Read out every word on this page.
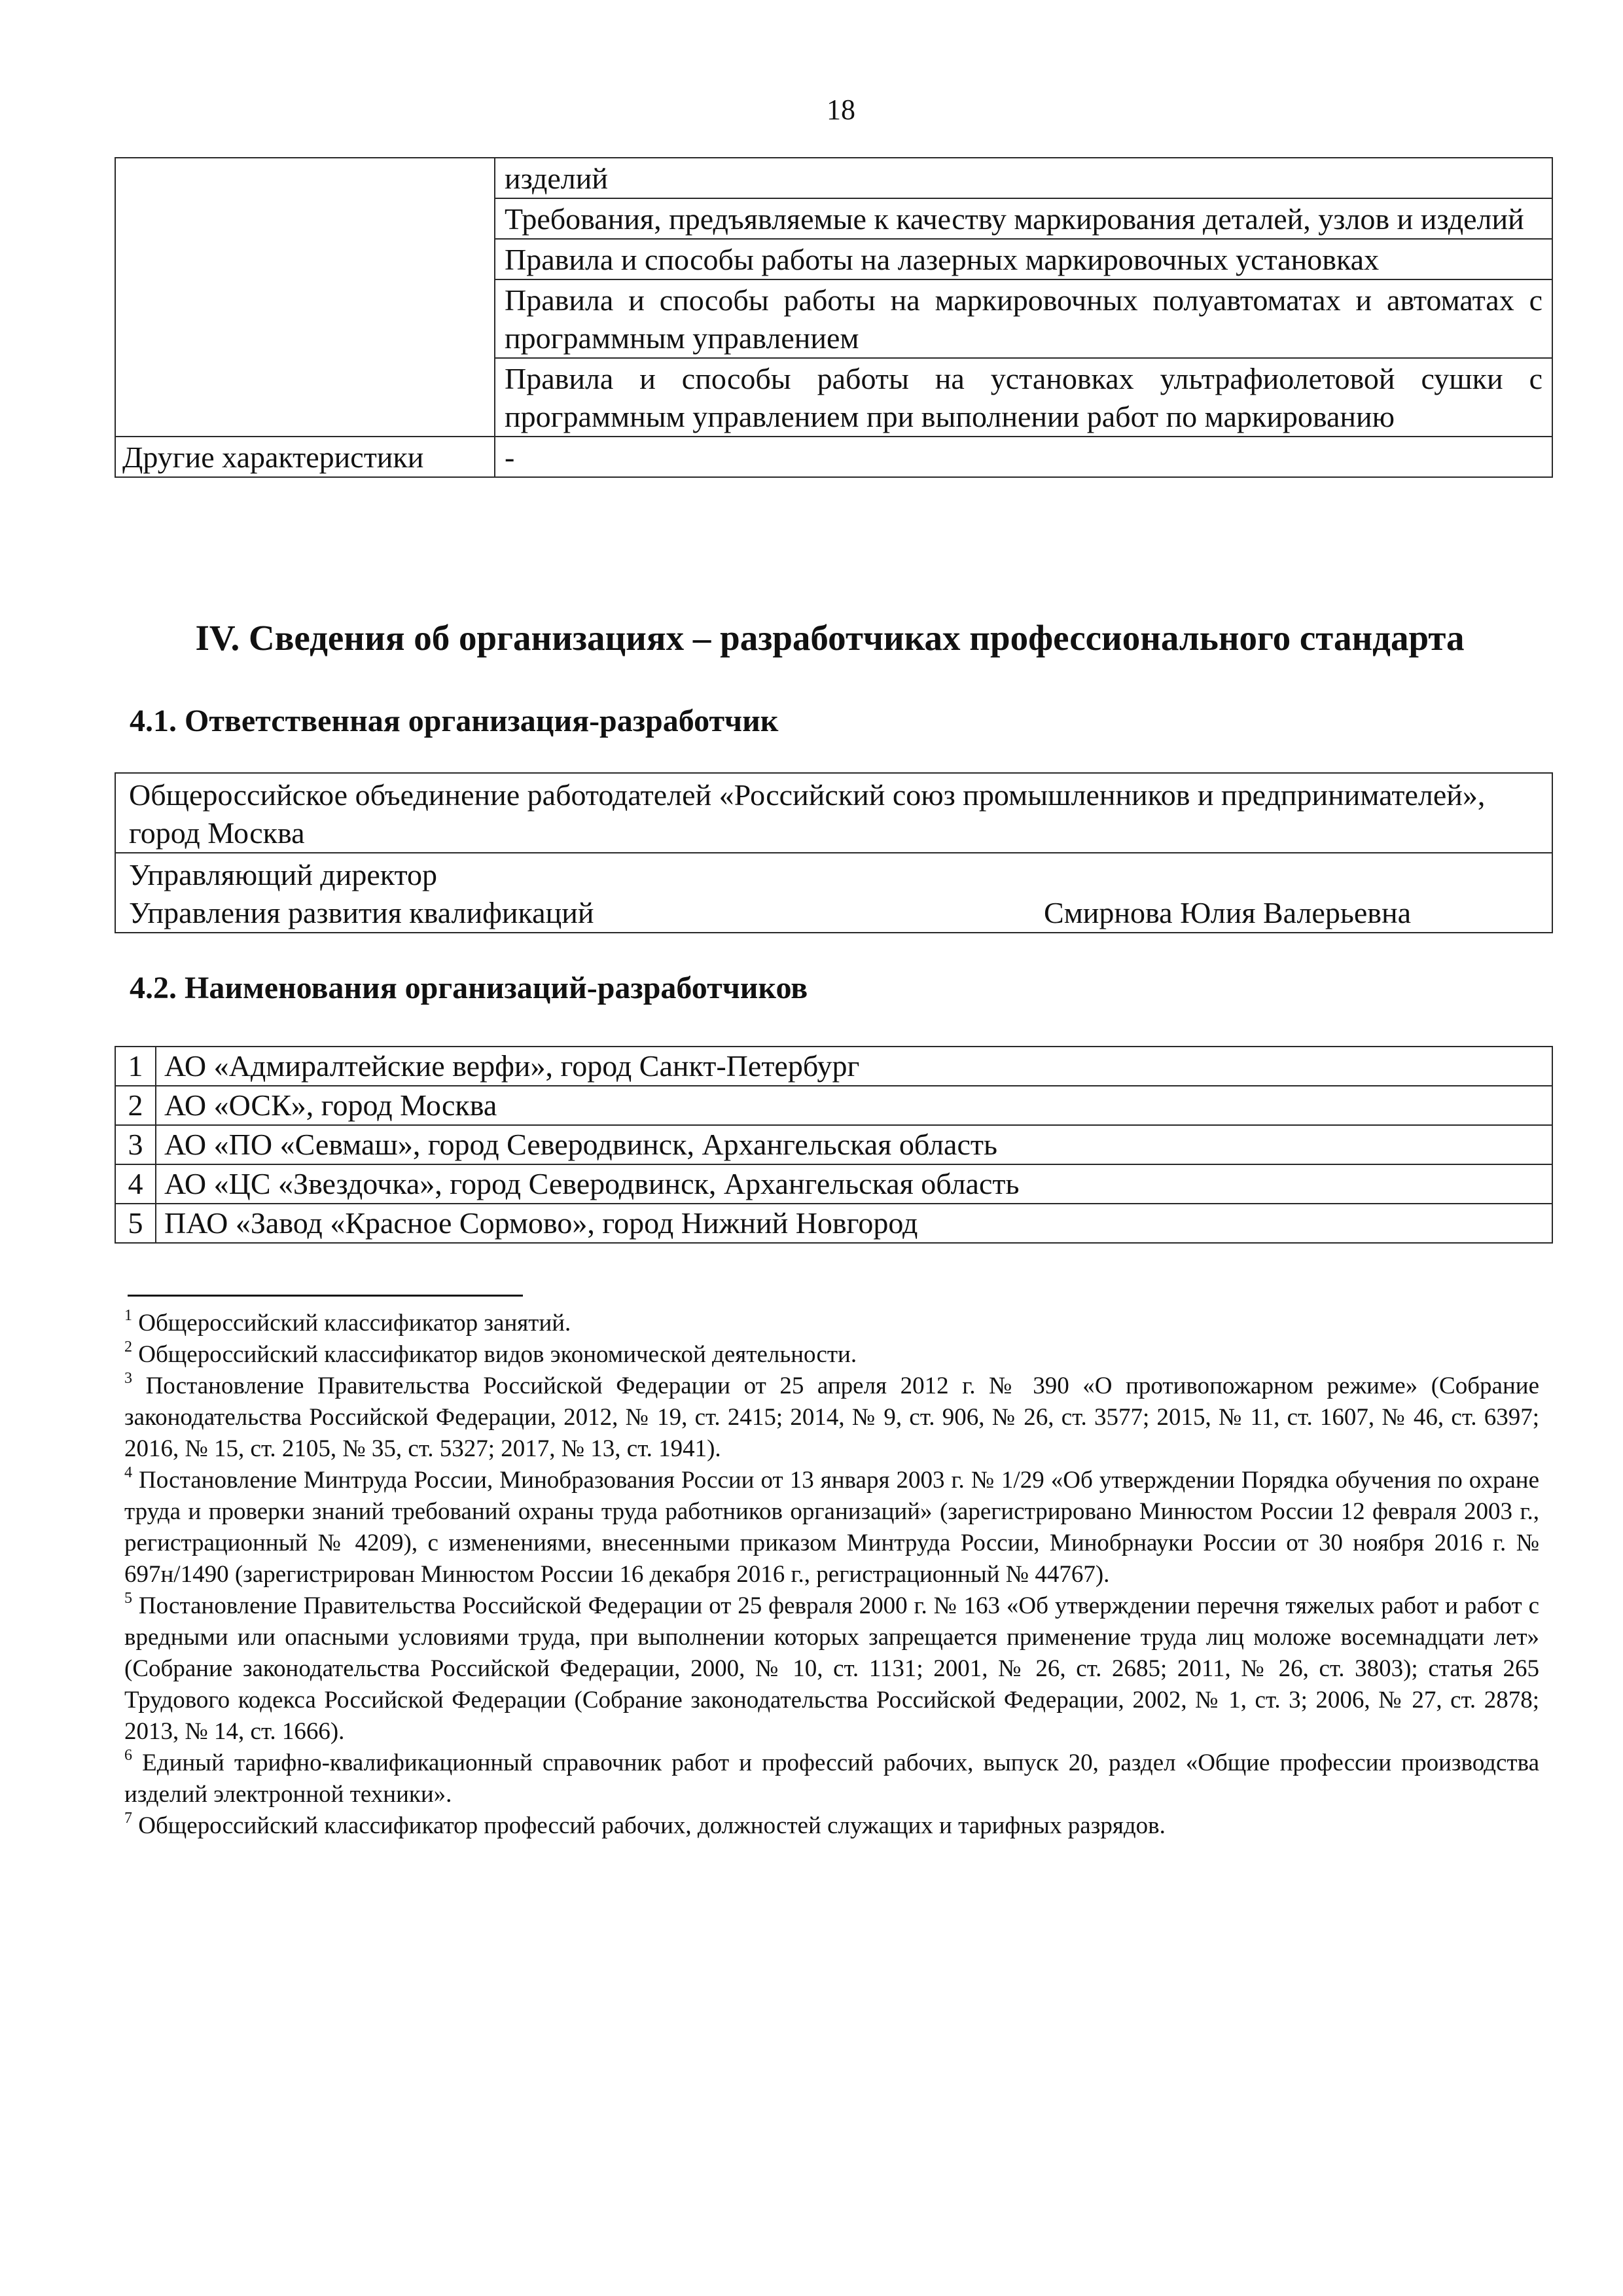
18
	изделий
	Требования, предъявляемые к качеству маркирования деталей, узлов и изделий
	Правила и способы работы на лазерных маркировочных установках
	Правила и способы работы на маркировочных полуавтоматах и автоматах с программным управлением
	Правила и способы работы на установках ультрафиолетовой сушки с программным управлением при выполнении работ по маркированию
Другие характеристики	-
IV. Сведения об организациях – разработчиках профессионального стандарта
4.1. Ответственная организация-разработчик
Общероссийское объединение работодателей «Российский союз промышленников и предпринимателей», город Москва

Управляющий директор
Управления развития квалификаций	Смирнова Юлия Валерьевна
4.2. Наименования организаций-разработчиков
1	АО «Адмиралтейские верфи», город Санкт-Петербург
2	АО «ОСК», город Москва
3	АО «ПО «Севмаш», город Северодвинск, Архангельская область
4	АО «ЦС «Звездочка», город Северодвинск, Архангельская область
5	ПАО «Завод «Красное Сормово», город Нижний Новгород

$^1$ Общероссийский классификатор занятий.

$^2$ Общероссийский классификатор видов экономической деятельности.

$^3$ Постановление Правительства Российской Федерации от 25 апреля 2012 г. № 390 «О противопожарном режиме» (Собрание законодательства Российской Федерации, 2012, № 19, ст. 2415; 2014, № 9, ст. 906, № 26, ст. 3577; 2015, № 11, ст. 1607, № 46, ст. 6397; 2016, № 15, ст. 2105, № 35, ст. 5327; 2017, № 13, ст. 1941).

$^4$ Постановление Минтруда России, Минобразования России от 13 января 2003 г. № 1/29 «Об утверждении Порядка обучения по охране труда и проверки знаний требований охраны труда работников организаций» (зарегистрировано Минюстом России 12 февраля 2003 г., регистрационный № 4209), с изменениями, внесенными приказом Минтруда России, Минобрнауки России от 30 ноября 2016 г. № 697н/1490 (зарегистрирован Минюстом России 16 декабря 2016 г., регистрационный № 44767).

$^5$ Постановление Правительства Российской Федерации от 25 февраля 2000 г. № 163 «Об утверждении перечня тяжелых работ и работ с вредными или опасными условиями труда, при выполнении которых запрещается применение труда лиц моложе восемнадцати лет» (Собрание законодательства Российской Федерации, 2000, № 10, ст. 1131; 2001, № 26, ст. 2685; 2011, № 26, ст. 3803); статья 265 Трудового кодекса Российской Федерации (Собрание законодательства Российской Федерации, 2002, № 1, ст. 3; 2006, № 27, ст. 2878; 2013, № 14, ст. 1666).

$^6$ Единый тарифно-квалификационный справочник работ и профессий рабочих, выпуск 20, раздел «Общие профессии производства изделий электронной техники».

$^7$ Общероссийский классификатор профессий рабочих, должностей служащих и тарифных разрядов.
